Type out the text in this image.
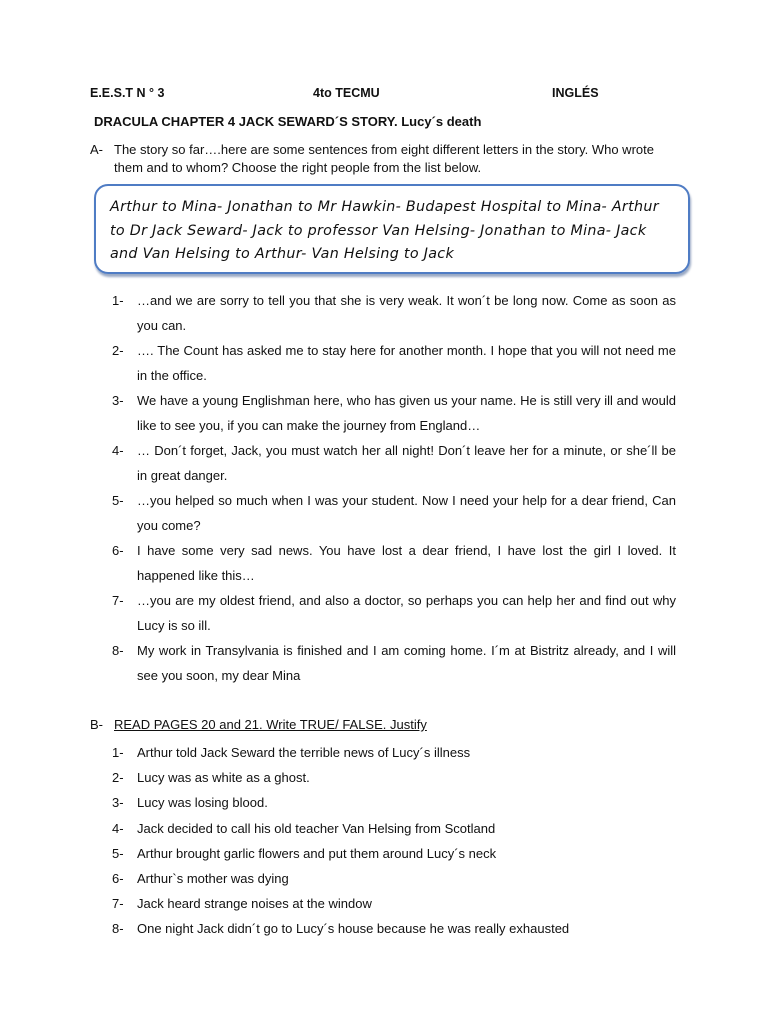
E.E.S.T N ° 3	4to TECMU	INGLÉS
DRACULA CHAPTER 4 JACK SEWARD´S STORY. Lucy´s death
A- The story so far….here are some sentences from eight different letters in the story. Who wrote them and to whom? Choose the right people from the list below.
Arthur to Mina- Jonathan to Mr Hawkin- Budapest Hospital to Mina- Arthur to Dr Jack Seward- Jack to professor Van Helsing- Jonathan to Mina- Jack and Van Helsing to Arthur- Van Helsing to Jack
1- …and we are sorry to tell you that she is very weak. It won´t be long now. Come as soon as you can.
2- …. The Count has asked me to stay here for another month. I hope that you will not need me in the office.
3- We have a young Englishman here, who has given us your name. He is still very ill and would like to see you, if you can make the journey from England…
4- … Don´t forget, Jack, you must watch her all night! Don´t leave her for a minute, or she´ll be in great danger.
5- …you helped so much when I was your student. Now I need your help for a dear friend, Can you come?
6- I have some very sad news. You have lost a dear friend, I have lost the girl I loved. It happened like this…
7- …you are my oldest friend, and also a doctor, so perhaps you can help her and find out why Lucy is so ill.
8- My work in Transylvania is finished and I am coming home. I´m at Bistritz already, and I will see you soon, my dear Mina
B- READ PAGES 20 and 21. Write TRUE/ FALSE. Justify
1- Arthur told Jack Seward the terrible news of Lucy´s illness
2- Lucy was as white as a ghost.
3- Lucy was losing blood.
4- Jack decided to call his old teacher Van Helsing from Scotland
5- Arthur brought garlic flowers and put them around Lucy´s neck
6- Arthur`s mother was dying
7- Jack heard strange noises at the window
8- One night Jack didn´t go to Lucy´s house because he was really exhausted
